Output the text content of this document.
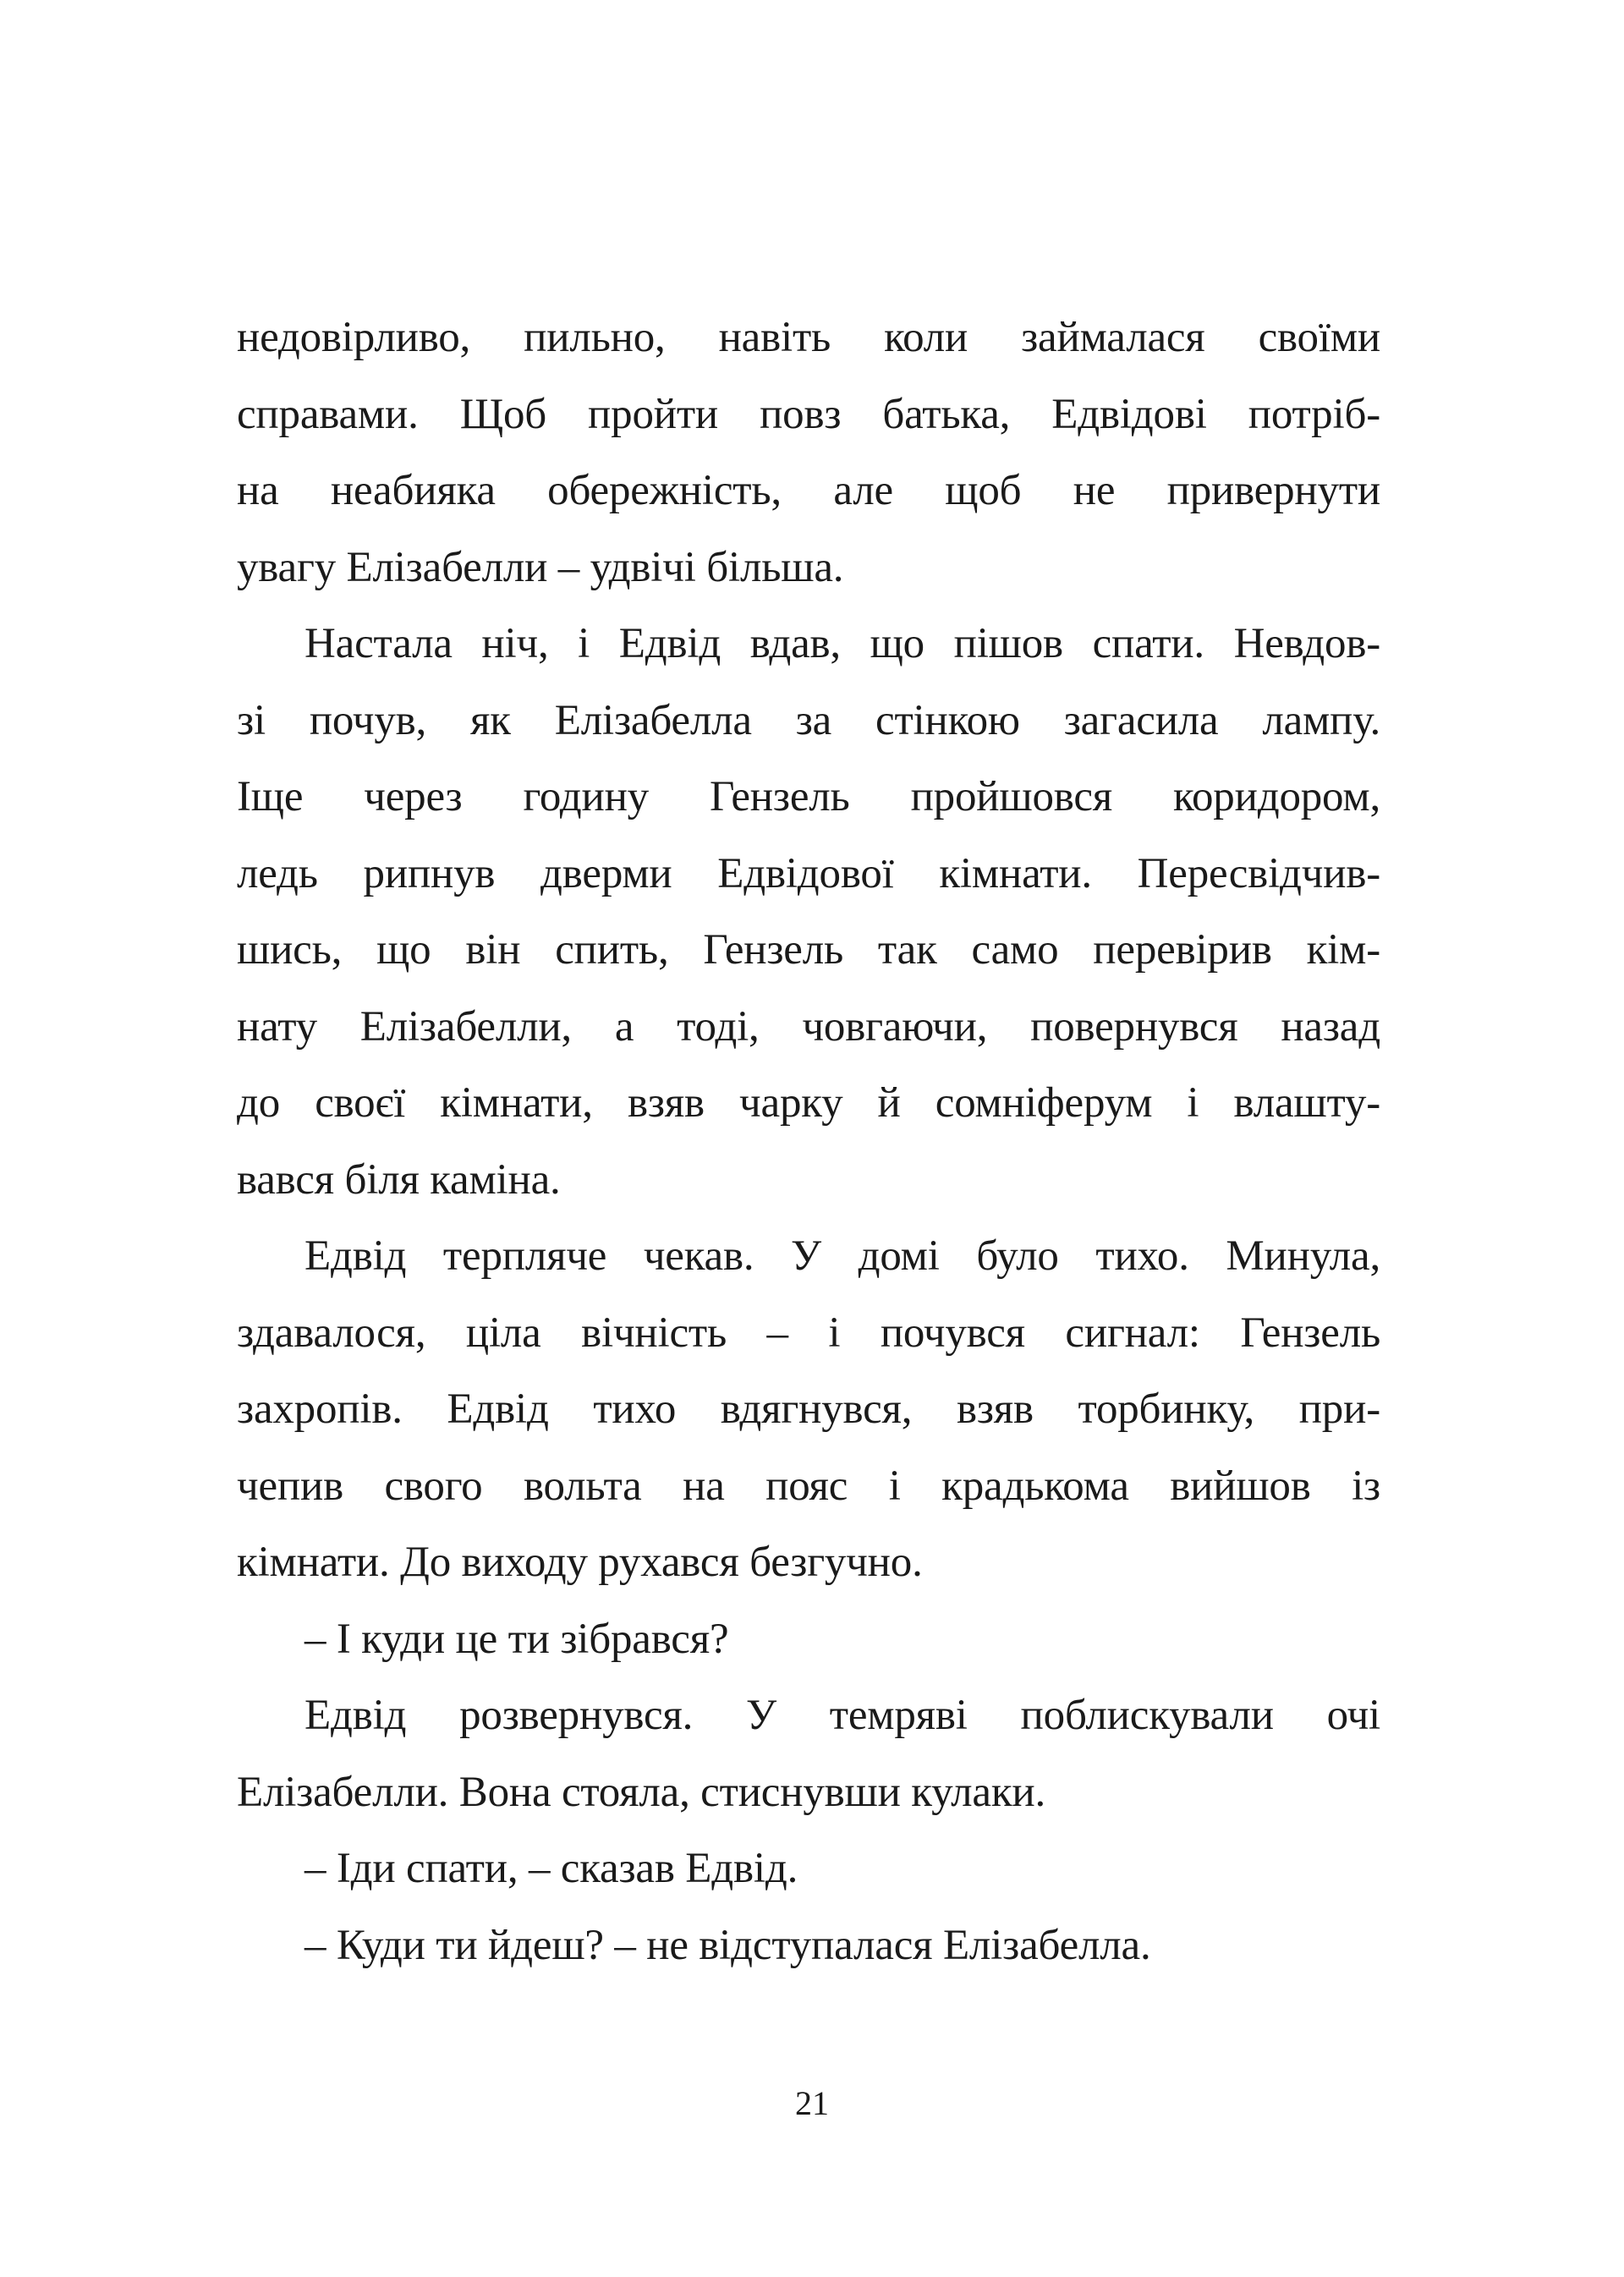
недовірливо, пильно, навіть коли займалася своїми
справами. Щоб пройти повз батька, Едвідові потріб-
на неабияка обережність, але щоб не привернути
увагу Елізабелли – удвічі більша.
Настала ніч, і Едвід вдав, що пішов спати. Невдов-
зі почув, як Елізабелла за стінкою загасила лампу.
Іще через годину Гензель пройшовся коридором,
ледь рипнув дверми Едвідової кімнати. Пересвідчив-
шись, що він спить, Гензель так само перевірив кім-
нату Елізабелли, а тоді, човгаючи, повернувся назад
до своєї кімнати, взяв чарку й сомніферум і влашту-
вався біля каміна.
Едвід терпляче чекав. У домі було тихо. Минула,
здавалося, ціла вічність – і почувся сигнал: Гензель
захропів. Едвід тихо вдягнувся, взяв торбинку, при-
чепив свого вольта на пояс і крадькома вийшов із
кімнати. До виходу рухався безгучно.
– І куди це ти зібрався?
Едвід розвернувся. У темряві поблискували очі
Елізабелли. Вона стояла, стиснувши кулаки.
– Іди спати, – сказав Едвід.
– Куди ти йдеш? – не відступалася Елізабелла.
21
